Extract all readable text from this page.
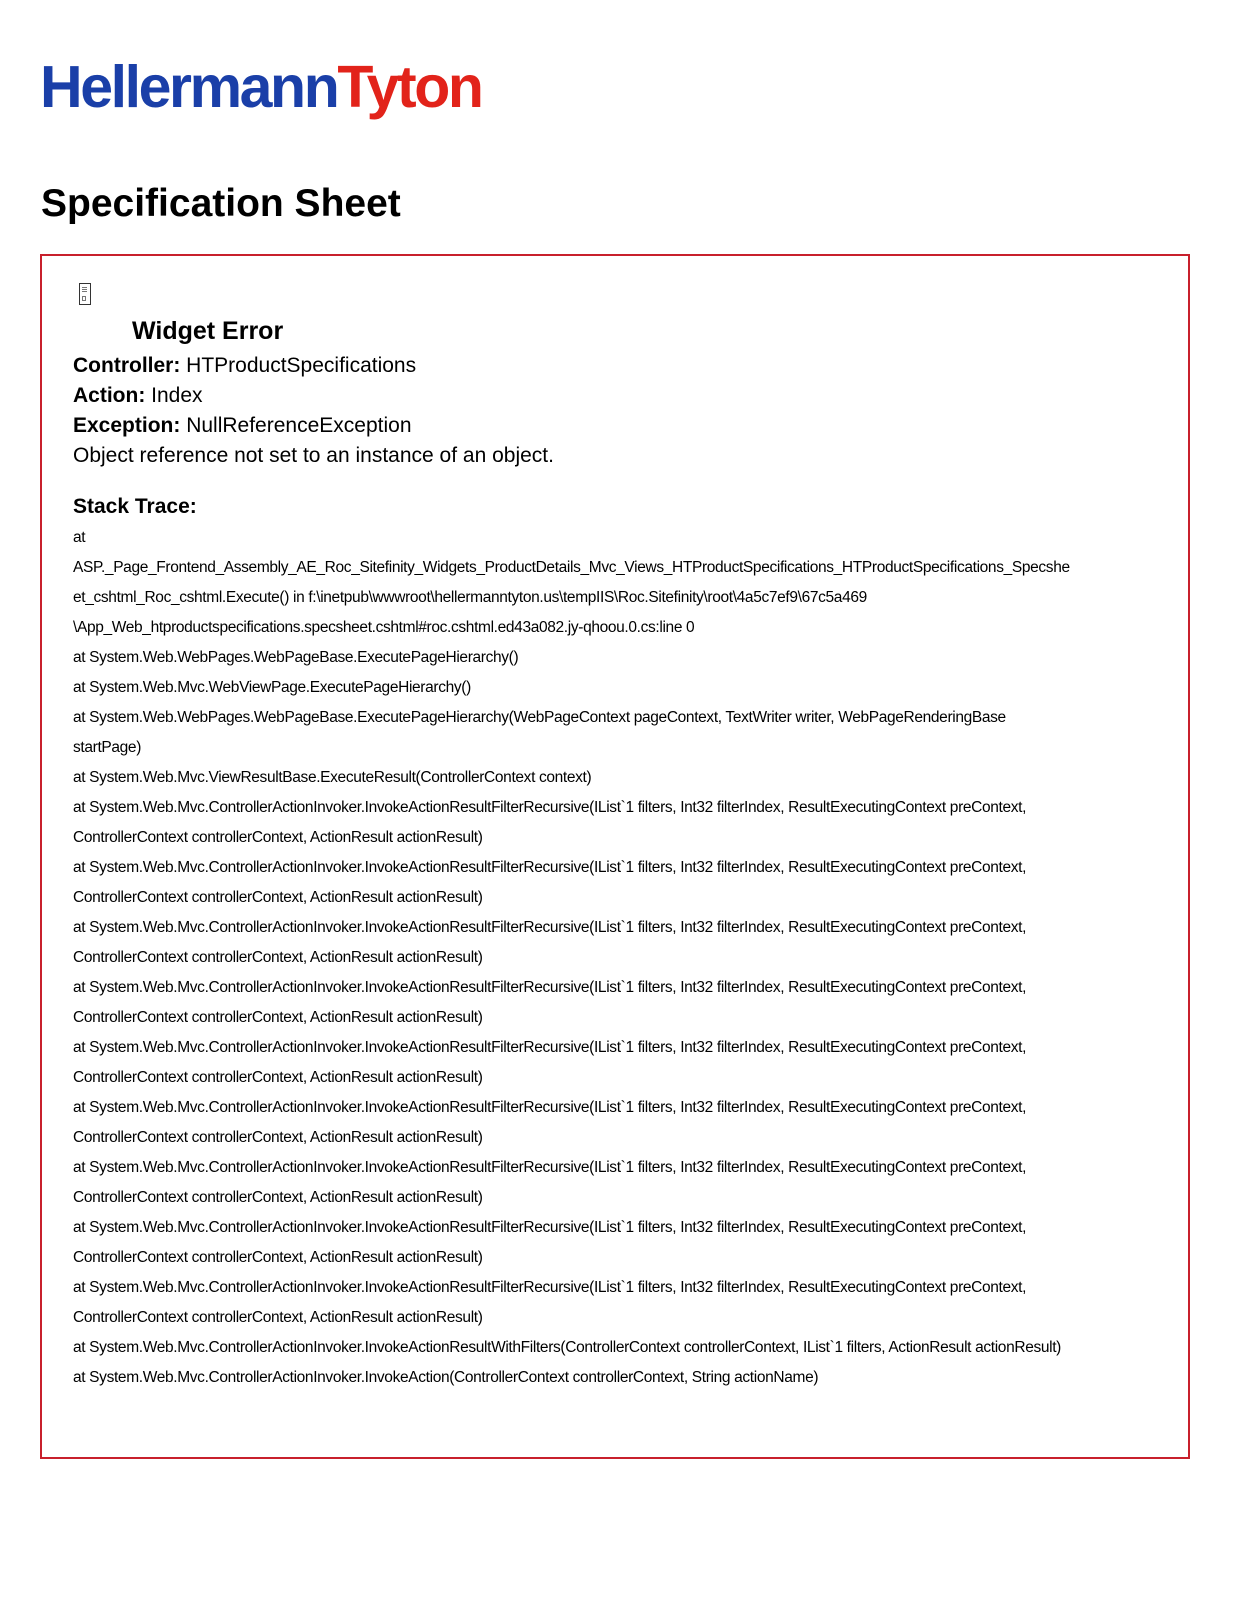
HellermannTyton
Specification Sheet
Widget Error
Controller: HTProductSpecifications
Action: Index
Exception: NullReferenceException
Object reference not set to an instance of an object.
Stack Trace:
at
ASP._Page_Frontend_Assembly_AE_Roc_Sitefinity_Widgets_ProductDetails_Mvc_Views_HTProductSpecifications_HTProductSpecifications_Specshe
et_cshtml_Roc_cshtml.Execute() in f:\inetpub\wwwroot\hellermanntyton.us\tempIIS\Roc.Sitefinity\root\4a5c7ef9\67c5a469
\App_Web_htproductspecifications.specsheet.cshtml#roc.cshtml.ed43a082.jy-qhoou.0.cs:line 0
at System.Web.WebPages.WebPageBase.ExecutePageHierarchy()
at System.Web.Mvc.WebViewPage.ExecutePageHierarchy()
at System.Web.WebPages.WebPageBase.ExecutePageHierarchy(WebPageContext pageContext, TextWriter writer, WebPageRenderingBase
startPage)
at System.Web.Mvc.ViewResultBase.ExecuteResult(ControllerContext context)
at System.Web.Mvc.ControllerActionInvoker.InvokeActionResultFilterRecursive(IList`1 filters, Int32 filterIndex, ResultExecutingContext preContext,
ControllerContext controllerContext, ActionResult actionResult)
at System.Web.Mvc.ControllerActionInvoker.InvokeActionResultFilterRecursive(IList`1 filters, Int32 filterIndex, ResultExecutingContext preContext,
ControllerContext controllerContext, ActionResult actionResult)
at System.Web.Mvc.ControllerActionInvoker.InvokeActionResultFilterRecursive(IList`1 filters, Int32 filterIndex, ResultExecutingContext preContext,
ControllerContext controllerContext, ActionResult actionResult)
at System.Web.Mvc.ControllerActionInvoker.InvokeActionResultFilterRecursive(IList`1 filters, Int32 filterIndex, ResultExecutingContext preContext,
ControllerContext controllerContext, ActionResult actionResult)
at System.Web.Mvc.ControllerActionInvoker.InvokeActionResultFilterRecursive(IList`1 filters, Int32 filterIndex, ResultExecutingContext preContext,
ControllerContext controllerContext, ActionResult actionResult)
at System.Web.Mvc.ControllerActionInvoker.InvokeActionResultFilterRecursive(IList`1 filters, Int32 filterIndex, ResultExecutingContext preContext,
ControllerContext controllerContext, ActionResult actionResult)
at System.Web.Mvc.ControllerActionInvoker.InvokeActionResultFilterRecursive(IList`1 filters, Int32 filterIndex, ResultExecutingContext preContext,
ControllerContext controllerContext, ActionResult actionResult)
at System.Web.Mvc.ControllerActionInvoker.InvokeActionResultFilterRecursive(IList`1 filters, Int32 filterIndex, ResultExecutingContext preContext,
ControllerContext controllerContext, ActionResult actionResult)
at System.Web.Mvc.ControllerActionInvoker.InvokeActionResultFilterRecursive(IList`1 filters, Int32 filterIndex, ResultExecutingContext preContext,
ControllerContext controllerContext, ActionResult actionResult)
at System.Web.Mvc.ControllerActionInvoker.InvokeActionResultWithFilters(ControllerContext controllerContext, IList`1 filters, ActionResult actionResult)
at System.Web.Mvc.ControllerActionInvoker.InvokeAction(ControllerContext controllerContext, String actionName)
